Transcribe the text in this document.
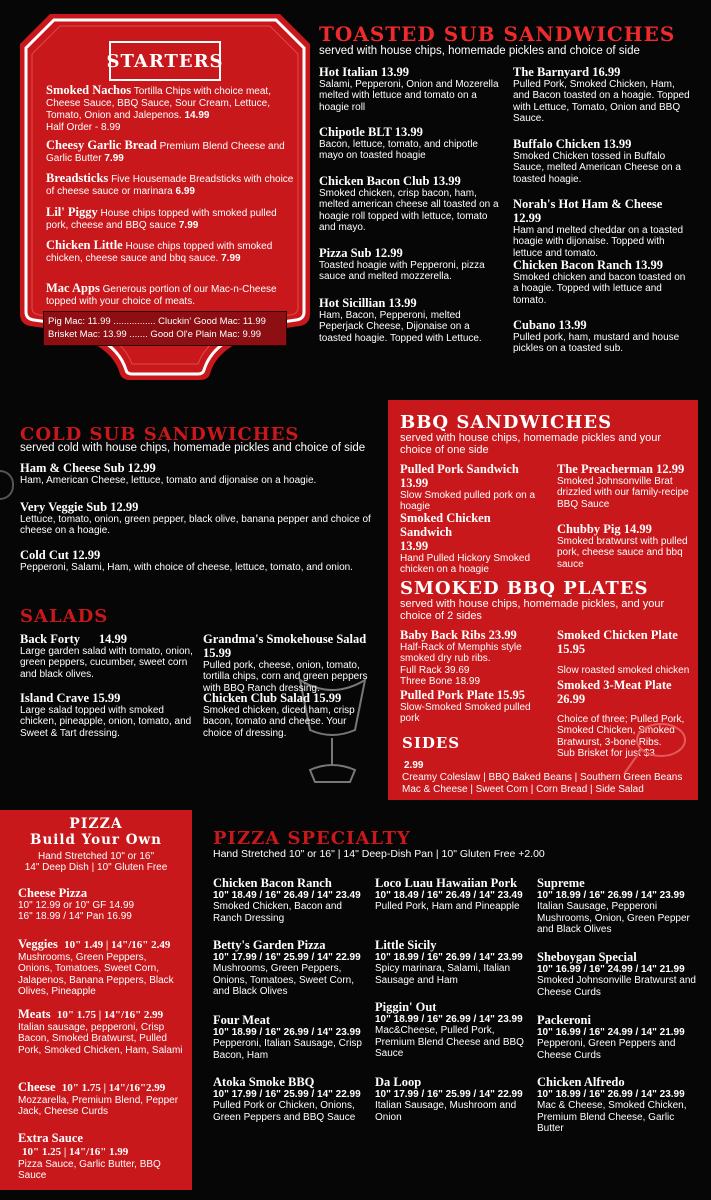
STARTERS
Smoked Nachos Tortilla Chips with choice meat, Cheese Sauce, BBQ Sauce, Sour Cream, Lettuce, Tomato, Onion and Jalepenos. 14.99
Half Order - 8.99
Cheesy Garlic Bread Premium Blend Cheese and Garlic Butter 7.99
Breadsticks Five Housemade Breadsticks with choice of cheese sauce or marinara 6.99
Lil' Piggy House chips topped with smoked pulled pork, cheese and BBQ sauce 7.99
Chicken Little House chips topped with smoked chicken, cheese sauce and bbq sauce. 7.99
Mac Apps Generous portion of our Mac-n-Cheese topped with your choice of meats.
Pig Mac: 11.99 ................ Cluckin' Good Mac: 11.99
Brisket Mac: 13.99 ....... Good Ol'e Plain Mac: 9.99
TOASTED SUB SANDWICHES
served with house chips, homemade pickles and choice of side
Hot Italian 13.99
Salami, Pepperoni, Onion and Mozerella melted with lettuce and tomato on a hoagie roll
Chipotle BLT 13.99
Bacon, lettuce, tomato, and chipotle mayo on toasted hoagie
Chicken Bacon Club 13.99
Smoked chicken, crisp bacon, ham, melted american cheese all toasted on a hoagie roll topped with lettuce, tomato and mayo.
Pizza Sub 12.99
Toasted hoagie with Pepperoni, pizza sauce and melted mozzerella.
Hot Sicillian 13.99
Ham, Bacon, Pepperoni, melted Peperjack Cheese, Dijonaise on a toasted hoagie. Topped with Lettuce.
The Barnyard 16.99
Pulled Pork, Smoked Chicken, Ham, and Bacon toasted on a hoagie. Topped with Lettuce, Tomato, Onion and BBQ Sauce.
Buffalo Chicken 13.99
Smoked Chicken tossed in Buffalo Sauce, melted American Cheese on a toasted hoagie.
Norah's Hot Ham & Cheese 12.99
Ham and melted cheddar on a toasted hoagie with dijonaise. Topped with lettuce and tomato.
Chicken Bacon Ranch 13.99
Smoked chicken and bacon toasted on a hoagie. Topped with lettuce and tomato.
Cubano 13.99
Pulled pork, ham, mustard and house pickles on a toasted sub.
COLD SUB SANDWICHES
served cold with house chips, homemade pickles and choice of side
Ham & Cheese Sub 12.99
Ham, American Cheese, lettuce, tomato and dijonaise on a hoagie.
Very Veggie Sub 12.99
Lettuce, tomato, onion, green pepper, black olive, banana pepper and choice of cheese on a hoagie.
Cold Cut 12.99
Pepperoni, Salami, Ham, with choice of cheese, lettuce, tomato, and onion.
SALADS
Back Forty 14.99
Large garden salad with tomato, onion, green peppers, cucumber, sweet corn and black olives.
Island Crave 15.99
Large salad topped with smoked chicken, pineapple, onion, tomato, and Sweet & Tart dressing.
Grandma's Smokehouse Salad 15.99
Pulled pork, cheese, onion, tomato, tortilla chips, corn and green peppers with BBQ Ranch dressing.
Chicken Club Salad 15.99
Smoked chicken, diced ham, crisp bacon, tomato and cheese. Your choice of dressing.
BBQ SANDWICHES
served with house chips, homemade pickles and your choice of one side
Pulled Pork Sandwich 13.99
Slow Smoked pulled pork on a hoagie
Smoked Chicken Sandwich
13.99
Hand Pulled Hickory Smoked chicken on a hoagie
The Preacherman 12.99
Smoked Johnsonville Brat drizzled with our family-recipe BBQ Sauce
Chubby Pig 14.99
Smoked bratwurst with pulled pork, cheese sauce and bbq sauce
SMOKED BBQ PLATES
served with house chips, homemade pickles, and your choice of 2 sides
Baby Back Ribs 23.99
Half-Rack of Memphis style smoked dry rub ribs.
Full Rack 39.69
Three Bone 18.99
Pulled Pork Plate 15.95
Slow-Smoked Smoked pulled pork
Smoked Chicken Plate 15.95
Slow roasted smoked chicken
Smoked 3-Meat Plate 26.99
Choice of three; Pulled Pork, Smoked Chicken, Smoked Bratwurst, 3-bone Ribs.
Sub Brisket for just $3
SIDES
2.99
Creamy Coleslaw | BBQ Baked Beans | Southern Green Beans
Mac & Cheese | Sweet Corn | Corn Bread | Side Salad
PIZZA
Build Your Own
Hand Stretched 10" or 16"
14" Deep Dish | 10" Gluten Free
Cheese Pizza
10" 12.99 or 10" GF 14.99
16" 18.99 / 14" Pan 16.99
Veggies 10" 1.49 | 14"/16" 2.49
Mushrooms, Green Peppers, Onions, Tomatoes, Sweet Corn, Jalapenos, Banana Peppers, Black Olives, Pineapple
Meats 10" 1.75 | 14"/16" 2.99
Italian sausage, pepperoni, Crisp Bacon, Smoked Bratwurst, Pulled Pork, Smoked Chicken, Ham, Salami
Cheese 10" 1.75 | 14"/16"2.99
Mozzarella, Premium Blend, Pepper Jack, Cheese Curds
Extra Sauce
10" 1.25 | 14"/16" 1.99
Pizza Sauce, Garlic Butter, BBQ Sauce
PIZZA SPECIALTY
Hand Stretched 10" or 16" | 14" Deep-Dish Pan | 10" Gluten Free +2.00
Chicken Bacon Ranch
10" 18.49 / 16" 26.49 / 14" 23.49
Smoked Chicken, Bacon and Ranch Dressing
Betty's Garden Pizza
10" 17.99 / 16" 25.99 / 14" 22.99
Mushrooms, Green Peppers, Onions, Tomatoes, Sweet Corn, and Black Olives
Four Meat
10" 18.99 / 16" 26.99 / 14" 23.99
Pepperoni, Italian Sausage, Crisp Bacon, Ham
Atoka Smoke BBQ
10" 17.99 / 16" 25.99 / 14" 22.99
Pulled Pork or Chicken, Onions, Green Peppers and BBQ Sauce
Loco Luau Hawaiian Pork
10" 18.49 / 16" 26.49 / 14" 23.49
Pulled Pork, Ham and Pineapple
Little Sicily
10" 18.99 / 16" 26.99 / 14" 23.99
Spicy marinara, Salami, Italian Sausage and Ham
Piggin' Out
10" 18.99 / 16" 26.99 / 14" 23.99
Mac&Cheese, Pulled Pork, Premium Blend Cheese and BBQ Sauce
Da Loop
10" 17.99 / 16" 25.99 / 14" 22.99
Italian Sausage, Mushroom and Onion
Supreme
10" 18.99 / 16" 26.99 / 14" 23.99
Italian Sausage, Pepperoni Mushrooms, Onion, Green Pepper and Black Olives
Sheboygan Special
10" 16.99 / 16" 24.99 / 14" 21.99
Smoked Johnsonville Bratwurst and Cheese Curds
Packeroni
10" 16.99 / 16" 24.99 / 14" 21.99
Pepperoni, Green Peppers and Cheese Curds
Chicken Alfredo
10" 18.99 / 16" 26.99 / 14" 23.99
Mac & Cheese, Smoked Chicken, Premium Blend Cheese, Garlic Butter
